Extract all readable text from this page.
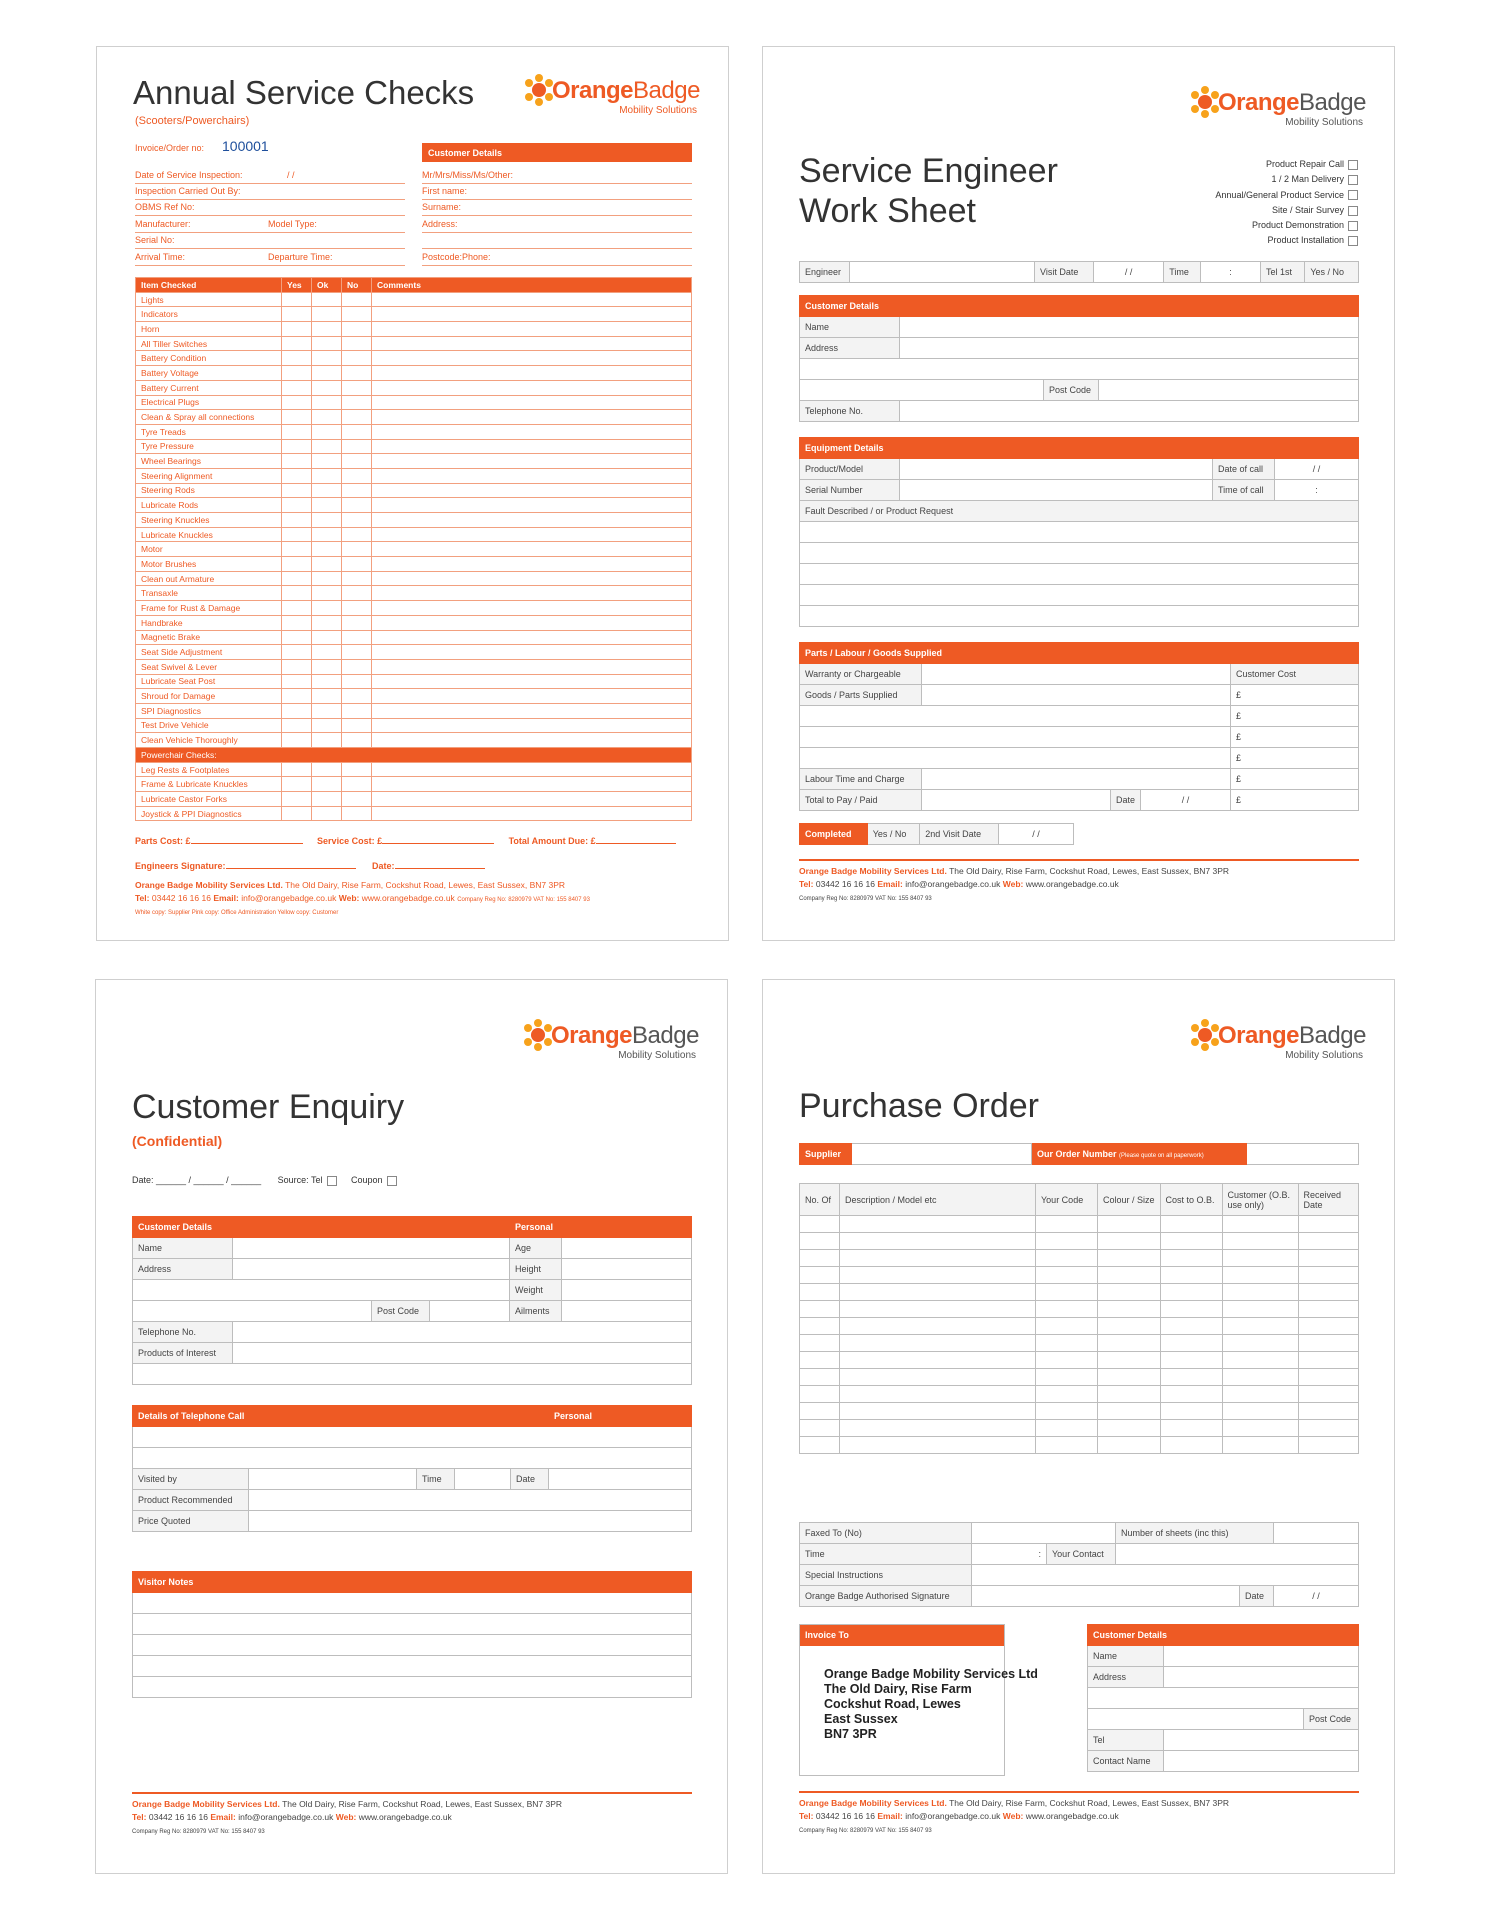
Annual Service Checks
(Scooters/Powerchairs)
OrangeBadge
Mobility Solutions
Invoice/Order no: 100001	Customer Details
Date of Service Inspection:	/ /
Inspection Carried Out By:
OBMS Ref No:
Manufacturer:	Model Type:
Serial No:
Arrival Time:	Departure Time:
Mr/Mrs/Miss/Ms/Other:
First name:
Surname:
Address:
Postcode:Phone:
Item Checked	Yes	Ok	No	Comments
Lights				
Indicators				
Horn				
All Tiller Switches				
Battery Condition				
Battery Voltage				
Battery Current				
Electrical Plugs				
Clean & Spray all connections				
Tyre Treads				
Tyre Pressure				
Wheel Bearings				
Steering Alignment				
Steering Rods				
Lubricate Rods				
Steering Knuckles				
Lubricate Knuckles				
Motor				
Motor Brushes				
Clean out Armature				
Transaxle				
Frame for Rust & Damage				
Handbrake				
Magnetic Brake				
Seat Side Adjustment				
Seat Swivel & Lever				
Lubricate Seat Post				
Shroud for Damage				
SPI Diagnostics				
Test Drive Vehicle				
Clean Vehicle Thoroughly				
Powerchair Checks:				
Leg Rests & Footplates				
Frame & Lubricate Knuckles				
Lubricate Castor Forks				
Joystick & PPI Diagnostics				
Parts Cost: £	Service Cost: £	Total Amount Due: £
Engineers Signature:	Date:
Orange Badge Mobility Services Ltd. The Old Dairy, Rise Farm, Cockshut Road, Lewes, East Sussex, BN7 3PR
Tel: 03442 16 16 16 Email: info@orangebadge.co.uk Web: www.orangebadge.co.uk Company Reg No: 8280979 VAT No: 155 8407 93
White copy: Supplier Pink copy: Office Administration Yellow copy: Customer
OrangeBadge
Mobility Solutions
Service Engineer
Work Sheet
Product Repair Call
1 / 2 Man Delivery
Annual/General Product Service
Site / Stair Survey
Product Demonstration
Product Installation
Engineer		Visit Date	/ /	Time	:	Tel 1st	Yes / No
Customer Details			
Name			
Address			

		Post Code	
Telephone No.			
Equipment Details			
Product/Model		Date of call	/ /
Serial Number		Time of call	:
Fault Described / or Product Request			

Parts / Labour / Goods Supplied				
Warranty or Chargeable				Customer Cost
Goods / Parts Supplied				£
				£
				£
				£
Labour Time and Charge				£
Total to Pay / Paid		Date	/ /	£
Completed	Yes / No	2nd Visit Date	/ /
Orange Badge Mobility Services Ltd. The Old Dairy, Rise Farm, Cockshut Road, Lewes, East Sussex, BN7 3PR
Tel: 03442 16 16 16 Email: info@orangebadge.co.uk Web: www.orangebadge.co.uk
Company Reg No: 8280979 VAT No: 155 8407 93
OrangeBadge
Mobility Solutions
Customer Enquiry
(Confidential)
Date: ______ / ______ / ______ Source: Tel	Coupon
Customer Details				Personal	
Name				Age	
Address				Height	
				Weight	
		Post Code		Ailments	
Telephone No.					
Products of Interest					

Details of Telephone Call					Personal

Visited by		Time		Date	
Product Recommended					
Price Quoted					
Visitor Notes

Orange Badge Mobility Services Ltd. The Old Dairy, Rise Farm, Cockshut Road, Lewes, East Sussex, BN7 3PR
Tel: 03442 16 16 16 Email: info@orangebadge.co.uk Web: www.orangebadge.co.uk
Company Reg No: 8280979 VAT No: 155 8407 93
OrangeBadge
Mobility Solutions
Purchase Order
Supplier		Our Order Number (Please quote on all paperwork)	
No. Of	Description / Model etc	Your Code	Colour / Size	Cost to O.B.	Customer (O.B. use only)	Received Date

Faxed To (No)			Number of sheets (inc this)		
Time	:	Your Contact			
Special Instructions					
Orange Badge Authorised Signature				Date	/ /
Invoice To
Orange Badge Mobility Services Ltd
The Old Dairy, Rise Farm
Cockshut Road, Lewes
East Sussex
BN7 3PR
Customer Details		
Name		
Address		

		Post Code
Tel		
Contact Name		
Orange Badge Mobility Services Ltd. The Old Dairy, Rise Farm, Cockshut Road, Lewes, East Sussex, BN7 3PR
Tel: 03442 16 16 16 Email: info@orangebadge.co.uk Web: www.orangebadge.co.uk
Company Reg No: 8280979 VAT No: 155 8407 93
